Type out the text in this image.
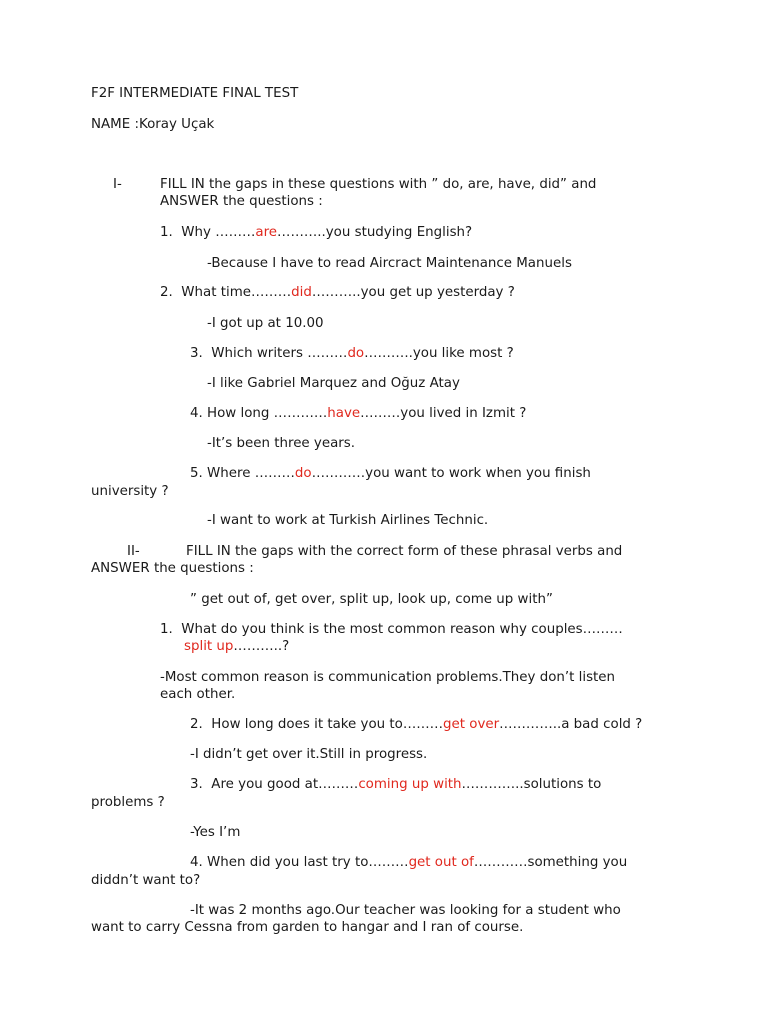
F2F INTERMEDIATE FINAL TEST
NAME :Koray Uçak
I-	FILL IN the gaps in these questions with ” do, are, have, did” and
ANSWER the questions :
1. Why ………are………..you studying English?
-Because I have to read Aircract Maintenance Manuels
2. What time………did………..you get up yesterday ?
-I got up at 10.00
3.  Which writers ………do………..you like most ?
-I like Gabriel Marquez and Oğuz Atay
4. How long …………have………you lived in Izmit ?
-It’s been three years.
5. Where ………do…………you want to work when you finish
university ?
-I want to work at Turkish Airlines Technic.
II-	FILL IN the gaps with the correct form of these phrasal verbs and
ANSWER the questions :
” get out of, get over, split up, look up, come up with”
1. What do you think is the most common reason why couples………
split up………..?
-Most common reason is communication problems.They don’t listen
each other.
2.  How long does it take you to………get over…………..a bad cold ?
-I didn’t get over it.Still in progress.
3.  Are you good at………coming up with…………..solutions to
problems ?
-Yes I’m
4. When did you last try to………get out of…………something you
diddn’t want to?
-It was 2 months ago.Our teacher was looking for a student who
want to carry Cessna from garden to hangar and I ran of course.
